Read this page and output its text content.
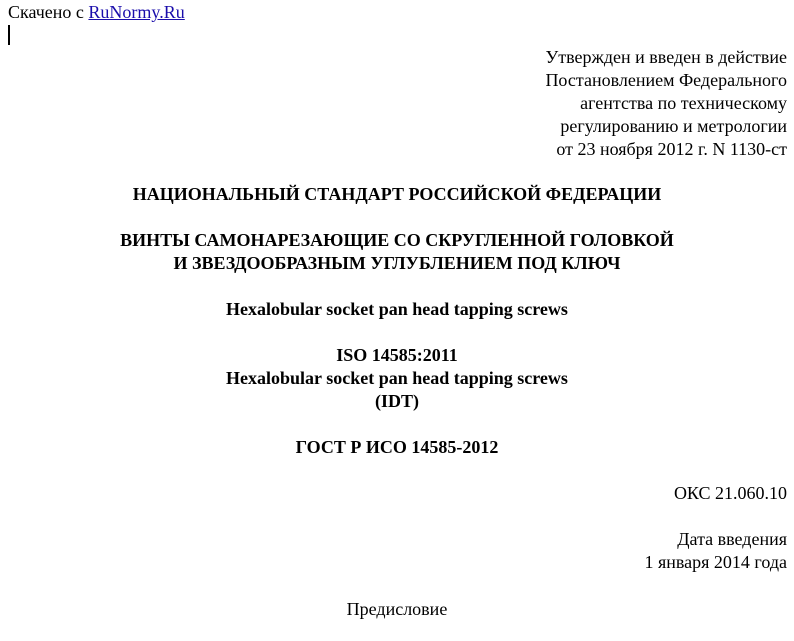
Скачено с RuNormy.Ru

Утвержден и введен в действие
Постановлением Федерального
агентства по техническому
регулированию и метрологии
от 23 ноября 2012 г. N 1130-ст
НАЦИОНАЛЬНЫЙ СТАНДАРТ РОССИЙСКОЙ ФЕДЕРАЦИИ
ВИНТЫ САМОНАРЕЗАЮЩИЕ СО СКРУГЛЕННОЙ ГОЛОВКОЙ
И ЗВЕЗДООБРАЗНЫМ УГЛУБЛЕНИЕМ ПОД КЛЮЧ
Hexalobular socket pan head tapping screws
ISO 14585:2011
Hexalobular socket pan head tapping screws
(IDT)
ГОСТ Р ИСО 14585-2012
ОКС 21.060.10
Дата введения
1 января 2014 года
Предисловие
